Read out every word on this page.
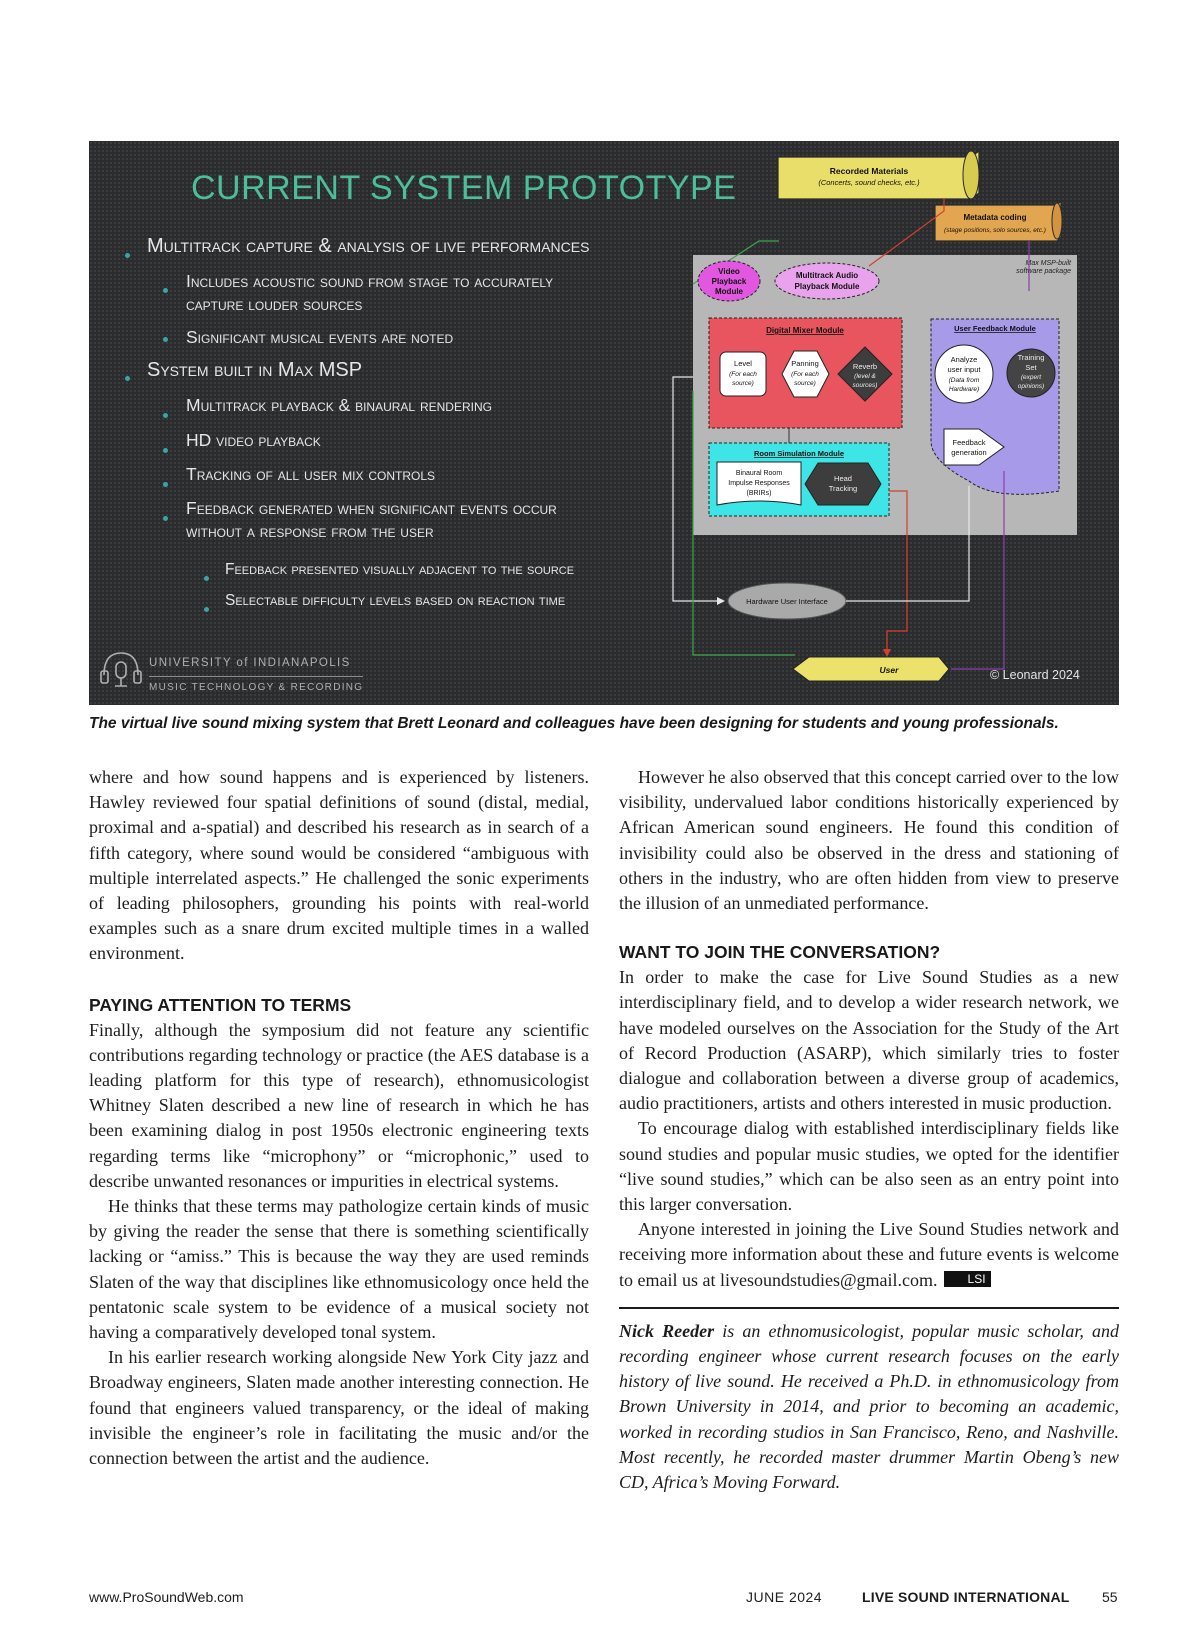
CURRENT SYSTEM PROTOTYPE
Multitrack capture & analysis of live performances
Includes acoustic sound from stage to accurately
capture louder sources
Significant musical events are noted
System built in Max MSP
Multitrack playback & binaural rendering
HD video playback
Tracking of all user mix controls
Feedback generated when significant events occur
without a response from the user
Feedback presented visually adjacent to the source
Selectable difficulty levels based on reaction time
Max MSP-built
software package
Recorded Materials
(Concerts, sound checks, etc.)
Metadata coding
(stage positions, solo sources, etc.)
Video
Playback
Module
Multitrack Audio
Playback Module
Digital Mixer Module
Level
(For each
source)
Panning
(For each
source)
Reverb
(level &
sources)
Room Simulation Module
Binaural Room
Impulse Responses
(BRIRs)
Head
Tracking
User Feedback Module
Analyze
user input
(Data from
Hardware)
Training
Set
(expert
opinions)
Feedback
generation
Hardware User Interface
User
UNIVERSITY of INDIANAPOLIS
MUSIC TECHNOLOGY & RECORDING
© Leonard 2024
The virtual live sound mixing system that Brett Leonard and colleagues have been designing for students and young professionals.

where and how sound happens and is experienced by listeners. Hawley reviewed four spatial definitions of sound (distal, medial, proximal and a-spatial) and described his research as in search of a fifth category, where sound would be considered “ambiguous with multiple interrelated aspects.” He challenged the sonic experiments of leading philosophers, grounding his points with real-world examples such as a snare drum excited multiple times in a walled environment.

PAYING ATTENTION TO TERMS

Finally, although the symposium did not feature any scientific contributions regarding technology or practice (the AES database is a leading platform for this type of research), ethnomusicologist Whitney Slaten described a new line of research in which he has been examining dialog in post 1950s electronic engineering texts regarding terms like “microphony” or “microphonic,” used to describe unwanted resonances or impurities in electrical systems.

He thinks that these terms may pathologize certain kinds of music by giving the reader the sense that there is something scientifically lacking or “amiss.” This is because the way they are used reminds Slaten of the way that disciplines like ethnomusicology once held the pentatonic scale system to be evidence of a musical society not having a comparatively developed tonal system.

In his earlier research working alongside New York City jazz and Broadway engineers, Slaten made another interesting connection. He found that engineers valued transparency, or the ideal of making invisible the engineer’s role in facilitating the music and/or the connection between the artist and the audience.

However he also observed that this concept carried over to the low visibility, undervalued labor conditions historically experienced by African American sound engineers. He found this condition of invisibility could also be observed in the dress and stationing of others in the industry, who are often hidden from view to preserve the illusion of an unmediated performance.

WANT TO JOIN THE CONVERSATION?

In order to make the case for Live Sound Studies as a new interdisciplinary field, and to develop a wider research network, we have modeled ourselves on the Association for the Study of the Art of Record Production (ASARP), which similarly tries to foster dialogue and collaboration between a diverse group of academics, audio practitioners, artists and others interested in music production.

To encourage dialog with established interdisciplinary fields like sound studies and popular music studies, we opted for the identifier “live sound studies,” which can be also seen as an entry point into this larger conversation.

Anyone interested in joining the Live Sound Studies network and receiving more information about these and future events is welcome to email us at livesoundstudies@gmail.com.	LSI

Nick Reeder is an ethnomusicologist, popular music scholar, and recording engineer whose current research focuses on the early history of live sound. He received a Ph.D. in ethnomusicology from Brown University in 2014, and prior to becoming an academic, worked in recording studios in San Francisco, Reno, and Nashville. Most recently, he recorded master drummer Martin Obeng’s new CD, Africa’s Moving Forward.

www.ProSoundWeb.com	JUNE 2024	LIVE SOUND INTERNATIONAL 55
